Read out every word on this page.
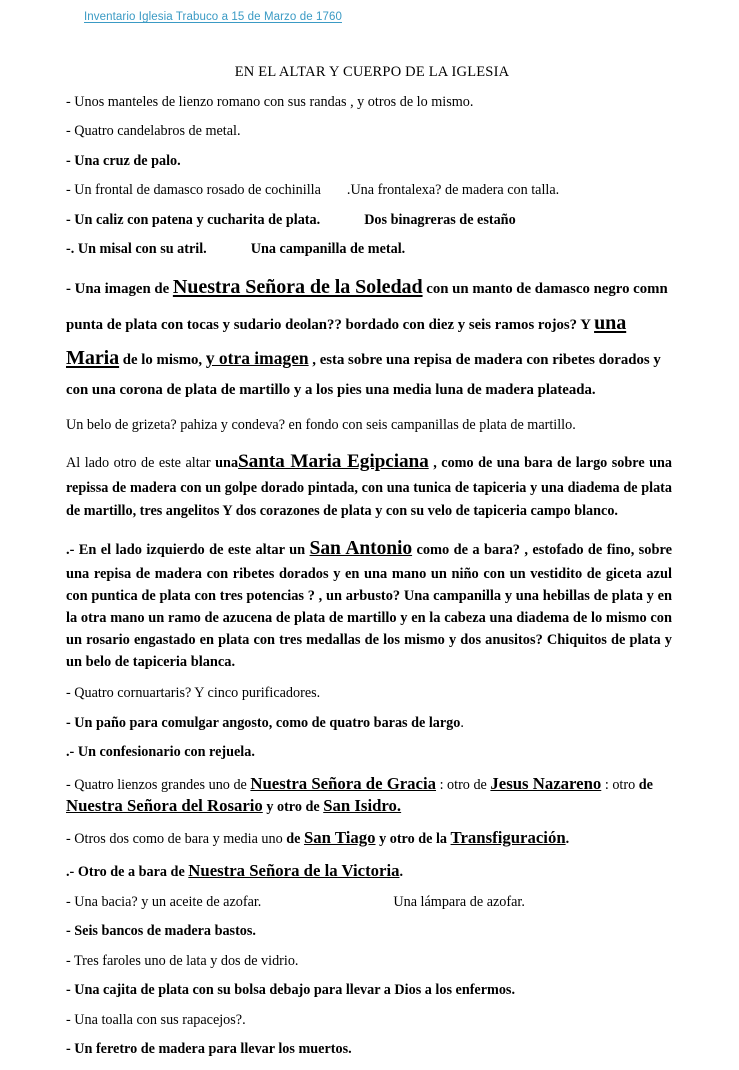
Inventario Iglesia Trabuco a 15 de Marzo de 1760
EN EL ALTAR Y CUERPO DE LA IGLESIA

- Unos manteles de lienzo romano con sus randas , y otros de lo mismo.

- Quatro candelabros de metal.

- Una cruz de palo.

- Un frontal de damasco rosado de cochinilla .Una frontalexa? de madera con talla.

- Un caliz con patena y cucharita de plata.	Dos binagreras de estaño

-. Un misal con su atril.	Una campanilla de metal.

- Una imagen de Nuestra Señora de la Soledad con un manto de damasco negro comn punta de plata con tocas y sudario deolan?? bordado con diez y seis ramos rojos? Y una Maria de lo mismo, y otra imagen , esta sobre una repisa de madera con ribetes dorados y con una corona de plata de martillo y a los pies una media luna de madera plateada.

Un belo de grizeta? pahiza y condeva? en fondo con seis campanillas de plata de martillo.

Al lado otro de este altar unaSanta Maria Egipciana , como de una bara de largo sobre una repissa de madera con un golpe dorado pintada, con una tunica de tapiceria y una diadema de plata de martillo, tres angelitos Y dos corazones de plata y con su velo de tapiceria campo blanco.

.- En el lado izquierdo de este altar un San Antonio como de a bara? , estofado de fino, sobre una repisa de madera con ribetes dorados y en una mano un niño con un vestidito de giceta azul con puntica de plata con tres potencias ? , un arbusto? Una campanilla y una hebillas de plata y en la otra mano un ramo de azucena de plata de martillo y en la cabeza una diadema de lo mismo con un rosario engastado en plata con tres medallas de los mismo y dos anusitos? Chiquitos de plata y un belo de tapiceria blanca.

- Quatro cornuartaris? Y cinco purificadores.

- Un paño para comulgar angosto, como de quatro baras de largo.

.- Un confesionario con rejuela.

- Quatro lienzos grandes uno de Nuestra Señora de Gracia : otro de Jesus Nazareno : otro de Nuestra Señora del Rosario y otro de San Isidro.

- Otros dos como de bara y media uno de San Tiago y otro de la Transfiguración.

.- Otro de a bara de Nuestra Señora de la Victoria.

- Una bacia? y un aceite de azofar.	Una lámpara de azofar.

- Seis bancos de madera bastos.

- Tres faroles uno de lata y dos de vidrio.

- Una cajita de plata con su bolsa debajo para llevar a Dios a los enfermos.

- Una toalla con sus rapacejos?.

- Un feretro de madera para llevar los muertos.
